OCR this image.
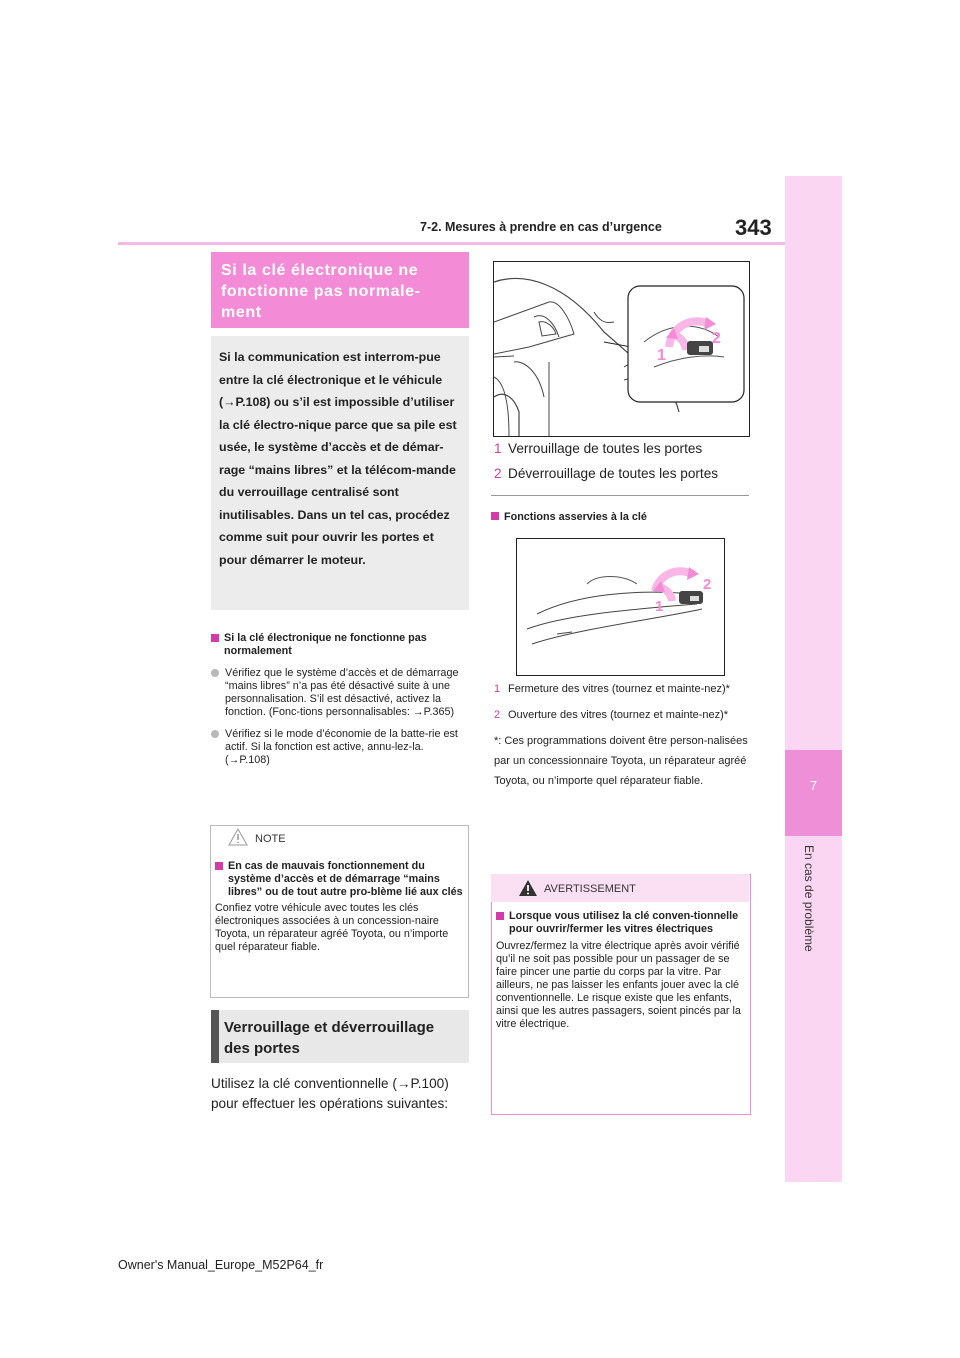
7-2. Mesures à prendre en cas d’urgence	343
7
En cas de problème
Si la clé électronique ne fonctionne pas normale-ment

Si la communication est interrom-pue entre la clé électronique et le véhicule (→P.108) ou s’il est impossible d’utiliser la clé électro-nique parce que sa pile est usée, le système d’accès et de démar-rage “mains libres” et la télécom-mande du verrouillage centralisé sont inutilisables. Dans un tel cas, procédez comme suit pour ouvrir les portes et pour démarrer le moteur.

Si la clé électronique ne fonctionne pas normalement
Vérifiez que le système d’accès et de démarrage “mains libres” n’a pas été désactivé suite à une personnalisation. S’il est désactivé, activez la fonction. (Fonc-tions personnalisables: →P.365)
Vérifiez si le mode d’économie de la batte-rie est actif. Si la fonction est active, annu-lez-la. (→P.108)
NOTE
En cas de mauvais fonctionnement du système d’accès et de démarrage “mains libres” ou de tout autre pro-blème lié aux clés
Confiez votre véhicule avec toutes les clés électroniques associées à un concession-naire Toyota, un réparateur agréé Toyota, ou n’importe quel réparateur fiable.
Verrouillage et déverrouillage des portes
Utilisez la clé conventionnelle (→P.100) pour effectuer les opérations suivantes:
1
2
1 Verrouillage de toutes les portes
2 Déverrouillage de toutes les portes
Fonctions asservies à la clé
1
2
1 Fermeture des vitres (tournez et mainte-nez)*
2 Ouverture des vitres (tournez et mainte-nez)*
*: Ces programmations doivent être person-nalisées par un concessionnaire Toyota, un réparateur agréé Toyota, ou n’importe quel réparateur fiable.
AVERTISSEMENT
Lorsque vous utilisez la clé conven-tionnelle pour ouvrir/fermer les vitres électriques
Ouvrez/fermez la vitre électrique après avoir vérifié qu’il ne soit pas possible pour un passager de se faire pincer une partie du corps par la vitre. Par ailleurs, ne pas laisser les enfants jouer avec la clé conventionnelle. Le risque existe que les enfants, ainsi que les autres passagers, soient pincés par la vitre électrique.
Owner's Manual_Europe_M52P64_fr
